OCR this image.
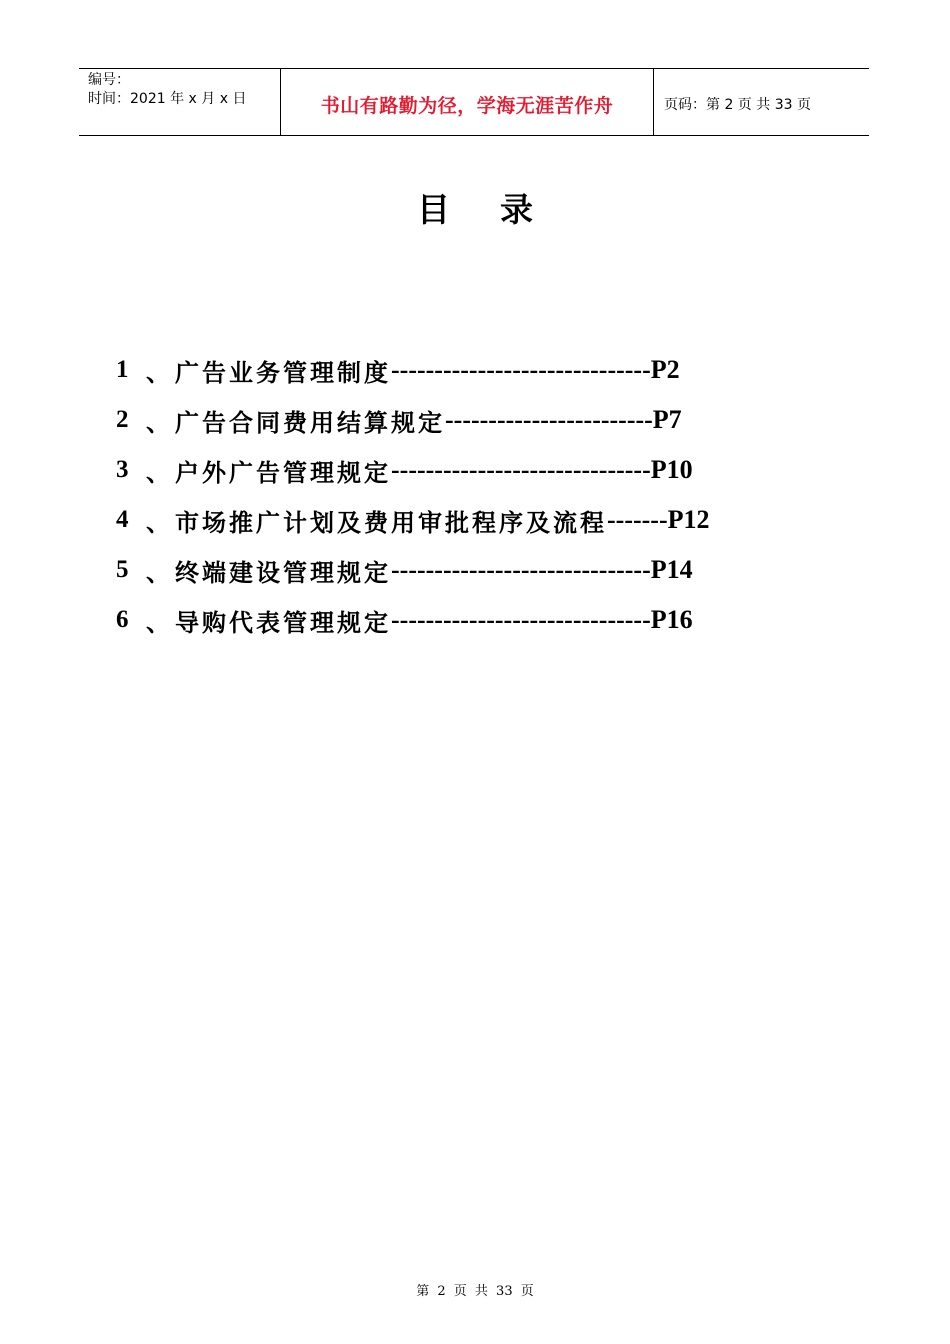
编号：
时间：2021 年 x 月 x 日	书山有路勤为径，学海无涯苦作舟	页码：第 2 页 共 33 页
目录
1 、 广告业务管理制度 ------------------------------ P2
2 、 广告合同费用结算规定 ------------------------ P7
3 、 户外广告管理规定 ------------------------------ P10
4 、 市场推广计划及费用审批程序及流程 ------- P12
5 、 终端建设管理规定 ------------------------------ P14
6 、 导购代表管理规定 ------------------------------ P16
第 2 页 共 33 页
